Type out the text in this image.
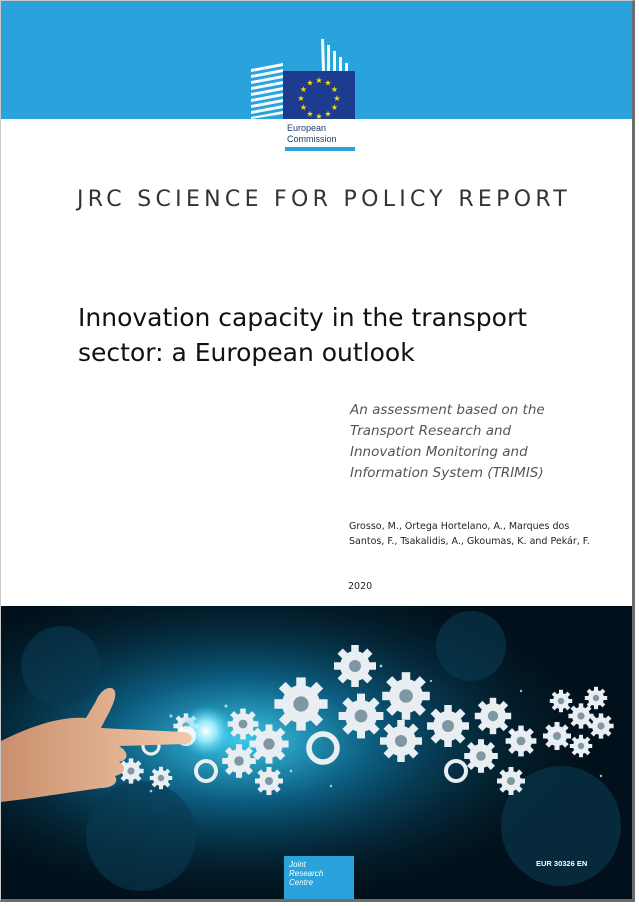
★ ★
★
★
★
★
★
★
★
★
★
★
European
Commission
JRC SCIENCE FOR POLICY REPORT
Innovation capacity in the transport
sector: a European outlook
An assessment based on the
Transport Research and
Innovation Monitoring and
Information System (TRIMIS)
Grosso, M., Ortega Hortelano, A., Marques dos
Santos, F., Tsakalidis, A., Gkoumas, K. and Pekár, F.
2020
Joint
Research
Centre
EUR 30326 EN
